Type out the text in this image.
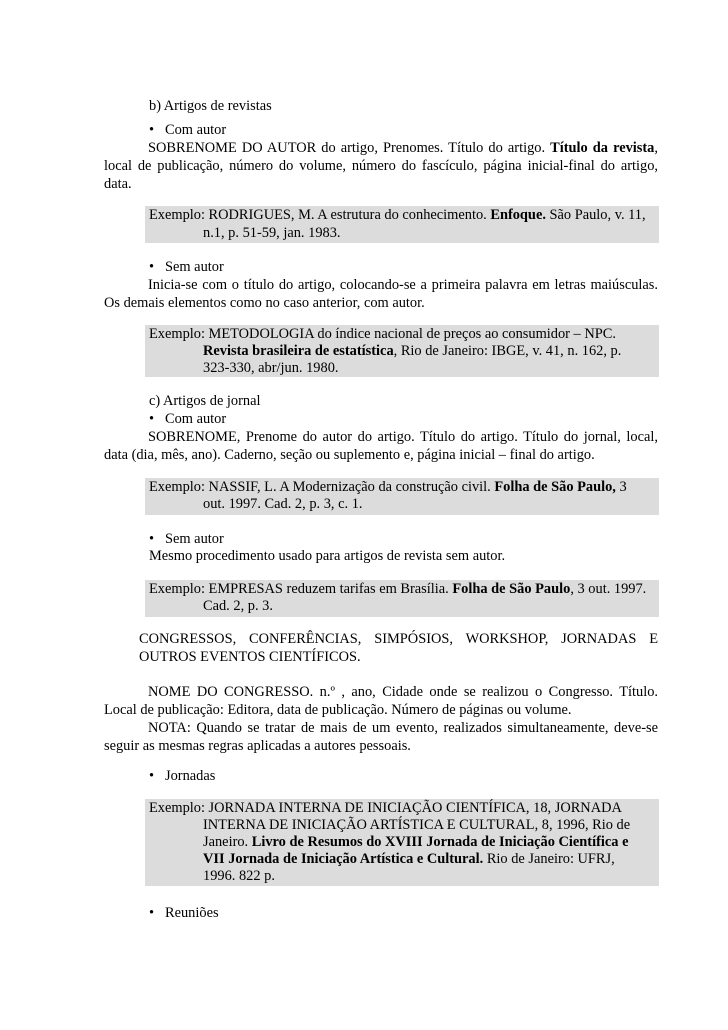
b) Artigos de revistas
• Com autor
SOBRENOME DO AUTOR do artigo, Prenomes. Título do artigo. Título da revista, local de publicação, número do volume, número do fascículo, página inicial-final do artigo, data.
Exemplo: RODRIGUES, M. A estrutura do conhecimento. Enfoque. São Paulo, v. 11,
n.1, p. 51-59, jan. 1983.
• Sem autor
Inicia-se com o título do artigo, colocando-se a primeira palavra em letras maiúsculas. Os demais elementos como no caso anterior, com autor.
Exemplo: METODOLOGIA do índice nacional de preços ao consumidor – NPC.
Revista brasileira de estatística, Rio de Janeiro: IBGE, v. 41, n. 162, p.
323-330, abr/jun. 1980.
c) Artigos de jornal
• Com autor
SOBRENOME, Prenome do autor do artigo. Título do artigo. Título do jornal, local, data (dia, mês, ano). Caderno, seção ou suplemento e, página inicial – final do artigo.
Exemplo: NASSIF, L. A Modernização da construção civil. Folha de São Paulo, 3
out. 1997. Cad. 2, p. 3, c. 1.
• Sem autor
Mesmo procedimento usado para artigos de revista sem autor.
Exemplo: EMPRESAS reduzem tarifas em Brasília. Folha de São Paulo, 3 out. 1997.
Cad. 2, p. 3.
CONGRESSOS, CONFERÊNCIAS, SIMPÓSIOS, WORKSHOP, JORNADAS E
OUTROS EVENTOS CIENTÍFICOS.
NOME DO CONGRESSO. n.º , ano, Cidade onde se realizou o Congresso. Título. Local de publicação: Editora, data de publicação. Número de páginas ou volume.
NOTA: Quando se tratar de mais de um evento, realizados simultaneamente, deve-se seguir as mesmas regras aplicadas a autores pessoais.
• Jornadas
Exemplo: JORNADA INTERNA DE INICIAÇÃO CIENTÍFICA, 18, JORNADA
INTERNA DE INICIAÇÃO ARTÍSTICA E CULTURAL, 8, 1996, Rio de
Janeiro. Livro de Resumos do XVIII Jornada de Iniciação Científica e
VII Jornada de Iniciação Artística e Cultural. Rio de Janeiro: UFRJ,
1996. 822 p.
• Reuniões
